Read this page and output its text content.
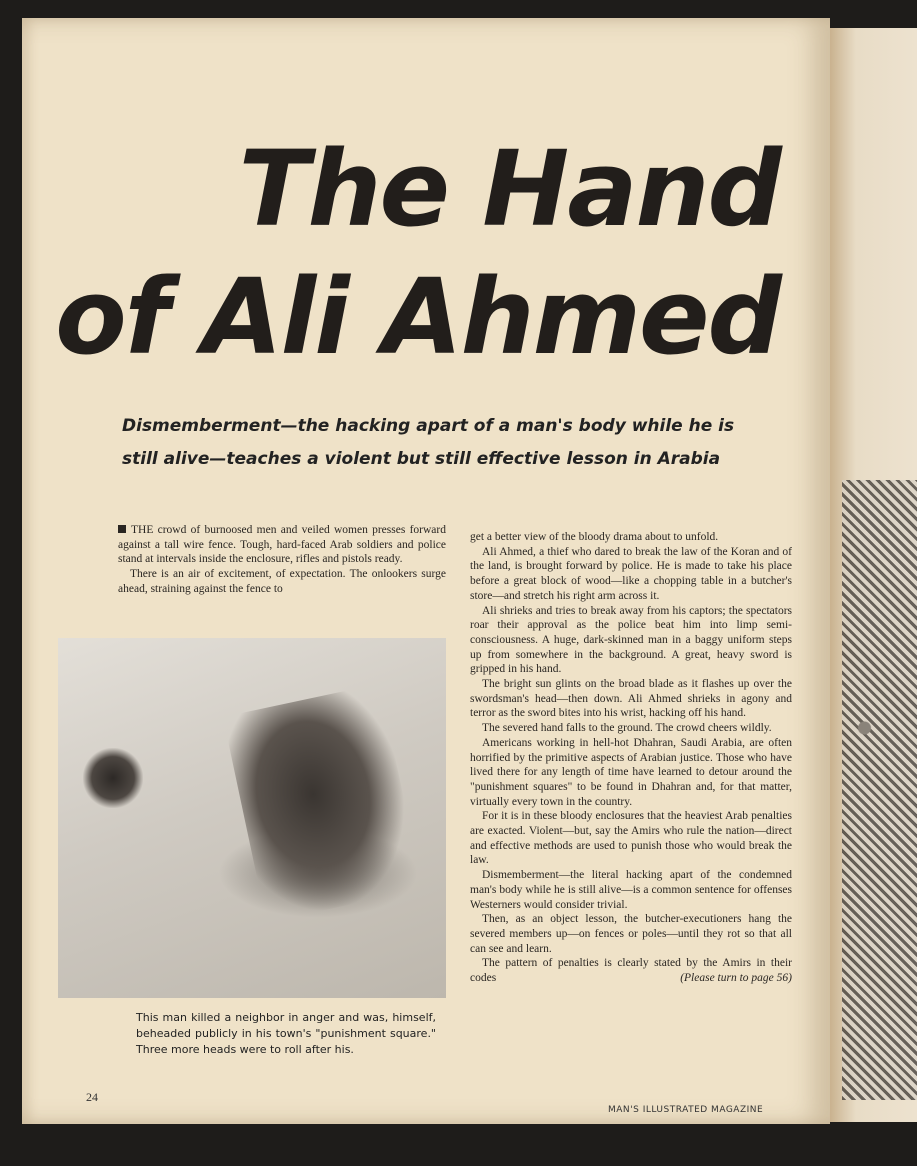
The Hand
of Ali Ahmed
Dismemberment—the hacking apart of a man's body while he is still alive—teaches a violent but still effective lesson in Arabia

THE crowd of burnoosed men and veiled women presses forward against a tall wire fence. Tough, hard-faced Arab soldiers and police stand at intervals inside the enclosure, rifles and pistols ready.

There is an air of excitement, of expectation. The onlookers surge ahead, straining against the fence to

This man killed a neighbor in anger and was, himself, beheaded publicly in his town's "punishment square." Three more heads were to roll after his.

get a better view of the bloody drama about to unfold.

Ali Ahmed, a thief who dared to break the law of the Koran and of the land, is brought forward by police. He is made to take his place before a great block of wood—like a chopping table in a butcher's store—and stretch his right arm across it.

Ali shrieks and tries to break away from his captors; the spectators roar their approval as the police beat him into limp semi-consciousness. A huge, dark-skinned man in a baggy uniform steps up from somewhere in the background. A great, heavy sword is gripped in his hand.

The bright sun glints on the broad blade as it flashes up over the swordsman's head—then down. Ali Ahmed shrieks in agony and terror as the sword bites into his wrist, hacking off his hand.

The severed hand falls to the ground. The crowd cheers wildly.

Americans working in hell-hot Dhahran, Saudi Arabia, are often horrified by the primitive aspects of Arabian justice. Those who have lived there for any length of time have learned to detour around the "punishment squares" to be found in Dhahran and, for that matter, virtually every town in the country.

For it is in these bloody enclosures that the heaviest Arab penalties are exacted. Violent—but, say the Amirs who rule the nation—direct and effective methods are used to punish those who would break the law.

Dismemberment—the literal hacking apart of the condemned man's body while he is still alive—is a common sentence for offenses Westerners would consider trivial.

Then, as an object lesson, the butcher-executioners hang the severed members up—on fences or poles—until they rot so that all can see and learn.

The pattern of penalties is clearly stated by the Amirs in their codes	(Please turn to page 56)

24
MAN'S ILLUSTRATED MAGAZINE
